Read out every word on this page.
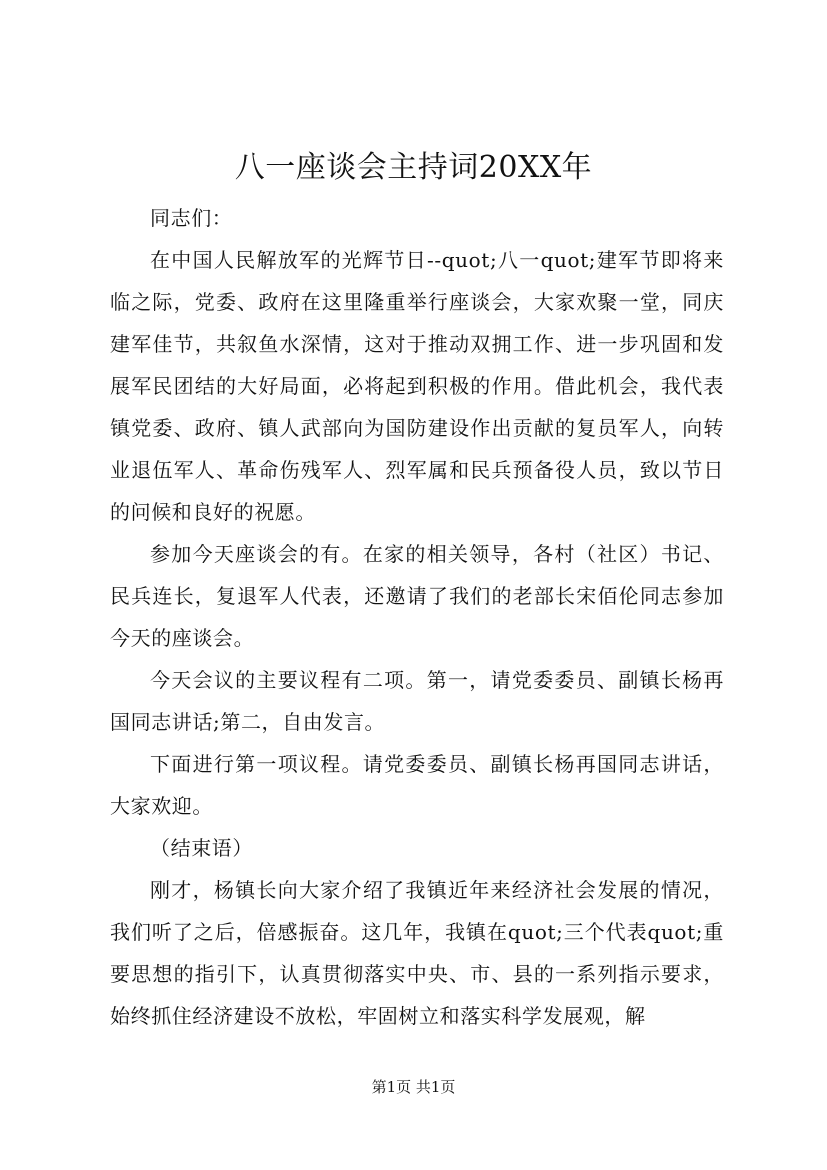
八一座谈会主持词20XX年

同志们：

在中国人民解放军的光辉节日--quot;八一quot;建军节即将来临之际，党委、政府在这里隆重举行座谈会，大家欢聚一堂，同庆建军佳节，共叙鱼水深情，这对于推动双拥工作、进一步巩固和发展军民团结的大好局面，必将起到积极的作用。借此机会，我代表镇党委、政府、镇人武部向为国防建设作出贡献的复员军人，向转业退伍军人、革命伤残军人、烈军属和民兵预备役人员，致以节日的问候和良好的祝愿。

参加今天座谈会的有。在家的相关领导，各村（社区）书记、民兵连长，复退军人代表，还邀请了我们的老部长宋佰伦同志参加今天的座谈会。

今天会议的主要议程有二项。第一，请党委委员、副镇长杨再国同志讲话;第二，自由发言。

下面进行第一项议程。请党委委员、副镇长杨再国同志讲话，大家欢迎。

（结束语）

刚才，杨镇长向大家介绍了我镇近年来经济社会发展的情况，我们听了之后，倍感振奋。这几年，我镇在quot;三个代表quot;重要思想的指引下，认真贯彻落实中央、市、县的一系列指示要求，始终抓住经济建设不放松，牢固树立和落实科学发展观，解

第1页 共1页
